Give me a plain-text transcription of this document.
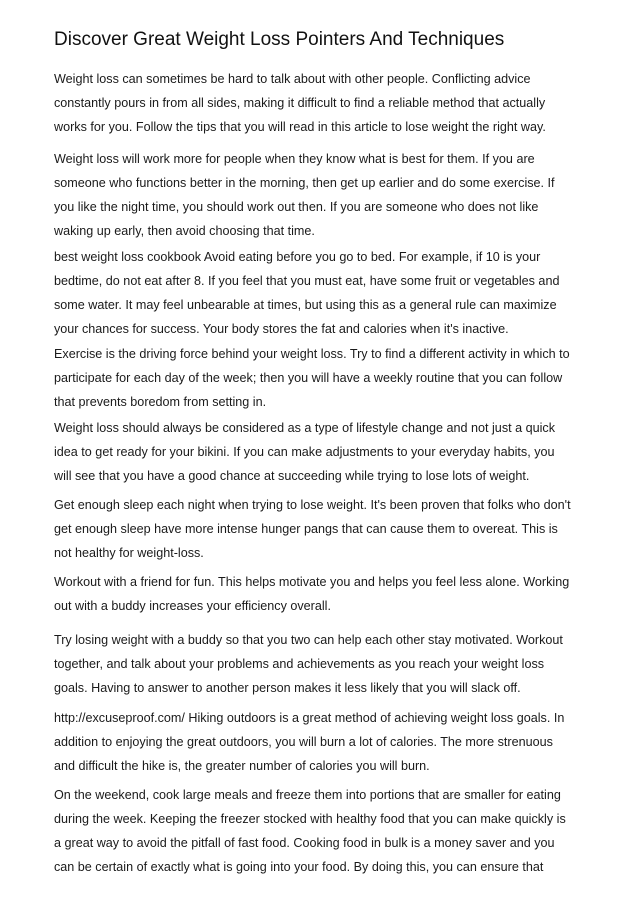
Discover Great Weight Loss Pointers And Techniques

Weight loss can sometimes be hard to talk about with other people. Conflicting advice
constantly pours in from all sides, making it difficult to find a reliable method that actually
works for you. Follow the tips that you will read in this article to lose weight the right way.

Weight loss will work more for people when they know what is best for them. If you are
someone who functions better in the morning, then get up earlier and do some exercise. If
you like the night time, you should work out then. If you are someone who does not like
waking up early, then avoid choosing that time.

best weight loss cookbook Avoid eating before you go to bed. For example, if 10 is your
bedtime, do not eat after 8. If you feel that you must eat, have some fruit or vegetables and
some water. It may feel unbearable at times, but using this as a general rule can maximize
your chances for success. Your body stores the fat and calories when it's inactive.

Exercise is the driving force behind your weight loss. Try to find a different activity in which to
participate for each day of the week; then you will have a weekly routine that you can follow
that prevents boredom from setting in.

Weight loss should always be considered as a type of lifestyle change and not just a quick
idea to get ready for your bikini. If you can make adjustments to your everyday habits, you
will see that you have a good chance at succeeding while trying to lose lots of weight.

Get enough sleep each night when trying to lose weight. It's been proven that folks who don't
get enough sleep have more intense hunger pangs that can cause them to overeat. This is
not healthy for weight-loss.

Workout with a friend for fun. This helps motivate you and helps you feel less alone. Working
out with a buddy increases your efficiency overall.

Try losing weight with a buddy so that you two can help each other stay motivated. Workout
together, and talk about your problems and achievements as you reach your weight loss
goals. Having to answer to another person makes it less likely that you will slack off.

http://excuseproof.com/ Hiking outdoors is a great method of achieving weight loss goals. In
addition to enjoying the great outdoors, you will burn a lot of calories. The more strenuous
and difficult the hike is, the greater number of calories you will burn.

On the weekend, cook large meals and freeze them into portions that are smaller for eating
during the week. Keeping the freezer stocked with healthy food that you can make quickly is
a great way to avoid the pitfall of fast food. Cooking food in bulk is a money saver and you
can be certain of exactly what is going into your food. By doing this, you can ensure that
